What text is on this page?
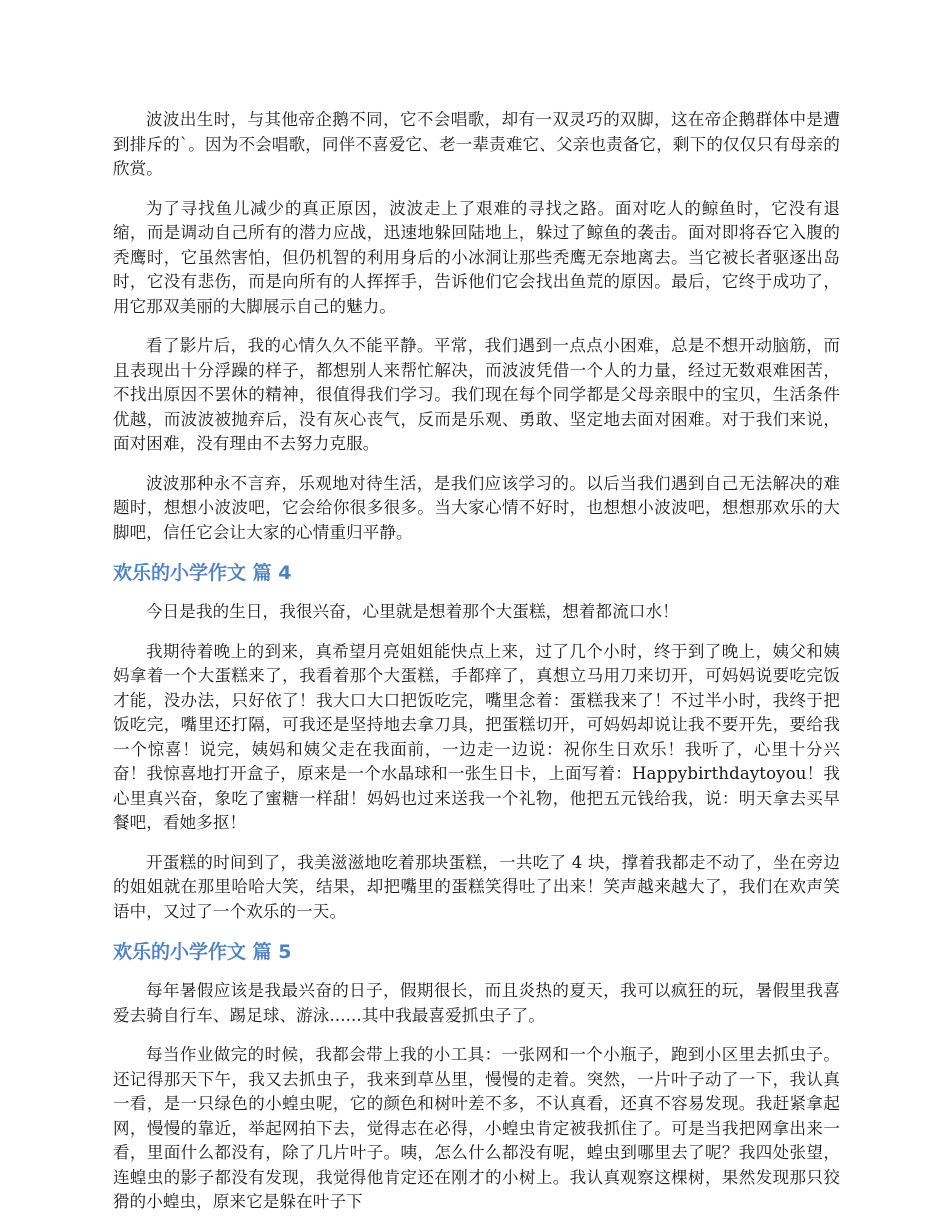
波波出生时，与其他帝企鹅不同，它不会唱歌，却有一双灵巧的双脚，这在帝企鹅群体中是遭到排斥的`。因为不会唱歌，同伴不喜爱它、老一辈责难它、父亲也责备它，剩下的仅仅只有母亲的欣赏。

为了寻找鱼儿减少的真正原因，波波走上了艰难的寻找之路。面对吃人的鲸鱼时，它没有退缩，而是调动自己所有的潜力应战，迅速地躲回陆地上，躲过了鲸鱼的袭击。面对即将吞它入腹的秃鹰时，它虽然害怕，但仍机智的利用身后的小冰洞让那些秃鹰无奈地离去。当它被长者驱逐出岛时，它没有悲伤，而是向所有的人挥挥手，告诉他们它会找出鱼荒的原因。最后，它终于成功了，用它那双美丽的大脚展示自己的魅力。

看了影片后，我的心情久久不能平静。平常，我们遇到一点点小困难，总是不想开动脑筋，而且表现出十分浮躁的样子，都想别人来帮忙解决，而波波凭借一个人的力量，经过无数艰难困苦，不找出原因不罢休的精神，很值得我们学习。我们现在每个同学都是父母亲眼中的宝贝，生活条件优越，而波波被抛弃后，没有灰心丧气，反而是乐观、勇敢、坚定地去面对困难。对于我们来说，面对困难，没有理由不去努力克服。

波波那种永不言弃，乐观地对待生活，是我们应该学习的。以后当我们遇到自己无法解决的难题时，想想小波波吧，它会给你很多很多。当大家心情不好时，也想想小波波吧，想想那欢乐的大脚吧，信任它会让大家的心情重归平静。

欢乐的小学作文 篇 4

今日是我的生日，我很兴奋，心里就是想着那个大蛋糕，想着都流口水！

我期待着晚上的到来，真希望月亮姐姐能快点上来，过了几个小时，终于到了晚上，姨父和姨妈拿着一个大蛋糕来了，我看着那个大蛋糕，手都痒了，真想立马用刀来切开，可妈妈说要吃完饭才能，没办法，只好依了！我大口大口把饭吃完，嘴里念着：蛋糕我来了！不过半小时，我终于把饭吃完，嘴里还打隔，可我还是坚持地去拿刀具，把蛋糕切开，可妈妈却说让我不要开先，要给我一个惊喜！说完，姨妈和姨父走在我面前，一边走一边说：祝你生日欢乐！我听了，心里十分兴奋！我惊喜地打开盒子，原来是一个水晶球和一张生日卡，上面写着：Happybirthdaytoyou！我心里真兴奋，象吃了蜜糖一样甜！妈妈也过来送我一个礼物，他把五元钱给我，说：明天拿去买早餐吧，看她多抠！

开蛋糕的时间到了，我美滋滋地吃着那块蛋糕，一共吃了 4 块，撑着我都走不动了，坐在旁边的姐姐就在那里哈哈大笑，结果，却把嘴里的蛋糕笑得吐了出来！笑声越来越大了，我们在欢声笑语中，又过了一个欢乐的一天。

欢乐的小学作文 篇 5

每年暑假应该是我最兴奋的日子，假期很长，而且炎热的夏天，我可以疯狂的玩，暑假里我喜爱去骑自行车、踢足球、游泳......其中我最喜爱抓虫子了。

每当作业做完的时候，我都会带上我的小工具：一张网和一个小瓶子，跑到小区里去抓虫子。还记得那天下午，我又去抓虫子，我来到草丛里，慢慢的走着。突然，一片叶子动了一下，我认真一看，是一只绿色的小蝗虫呢，它的颜色和树叶差不多，不认真看，还真不容易发现。我赶紧拿起网，慢慢的靠近，举起网拍下去，觉得志在必得，小蝗虫肯定被我抓住了。可是当我把网拿出来一看，里面什么都没有，除了几片叶子。咦，怎么什么都没有呢，蝗虫到哪里去了呢？我四处张望，连蝗虫的影子都没有发现，我觉得他肯定还在刚才的小树上。我认真观察这棵树，果然发现那只狡猾的小蝗虫，原来它是躲在叶子下
